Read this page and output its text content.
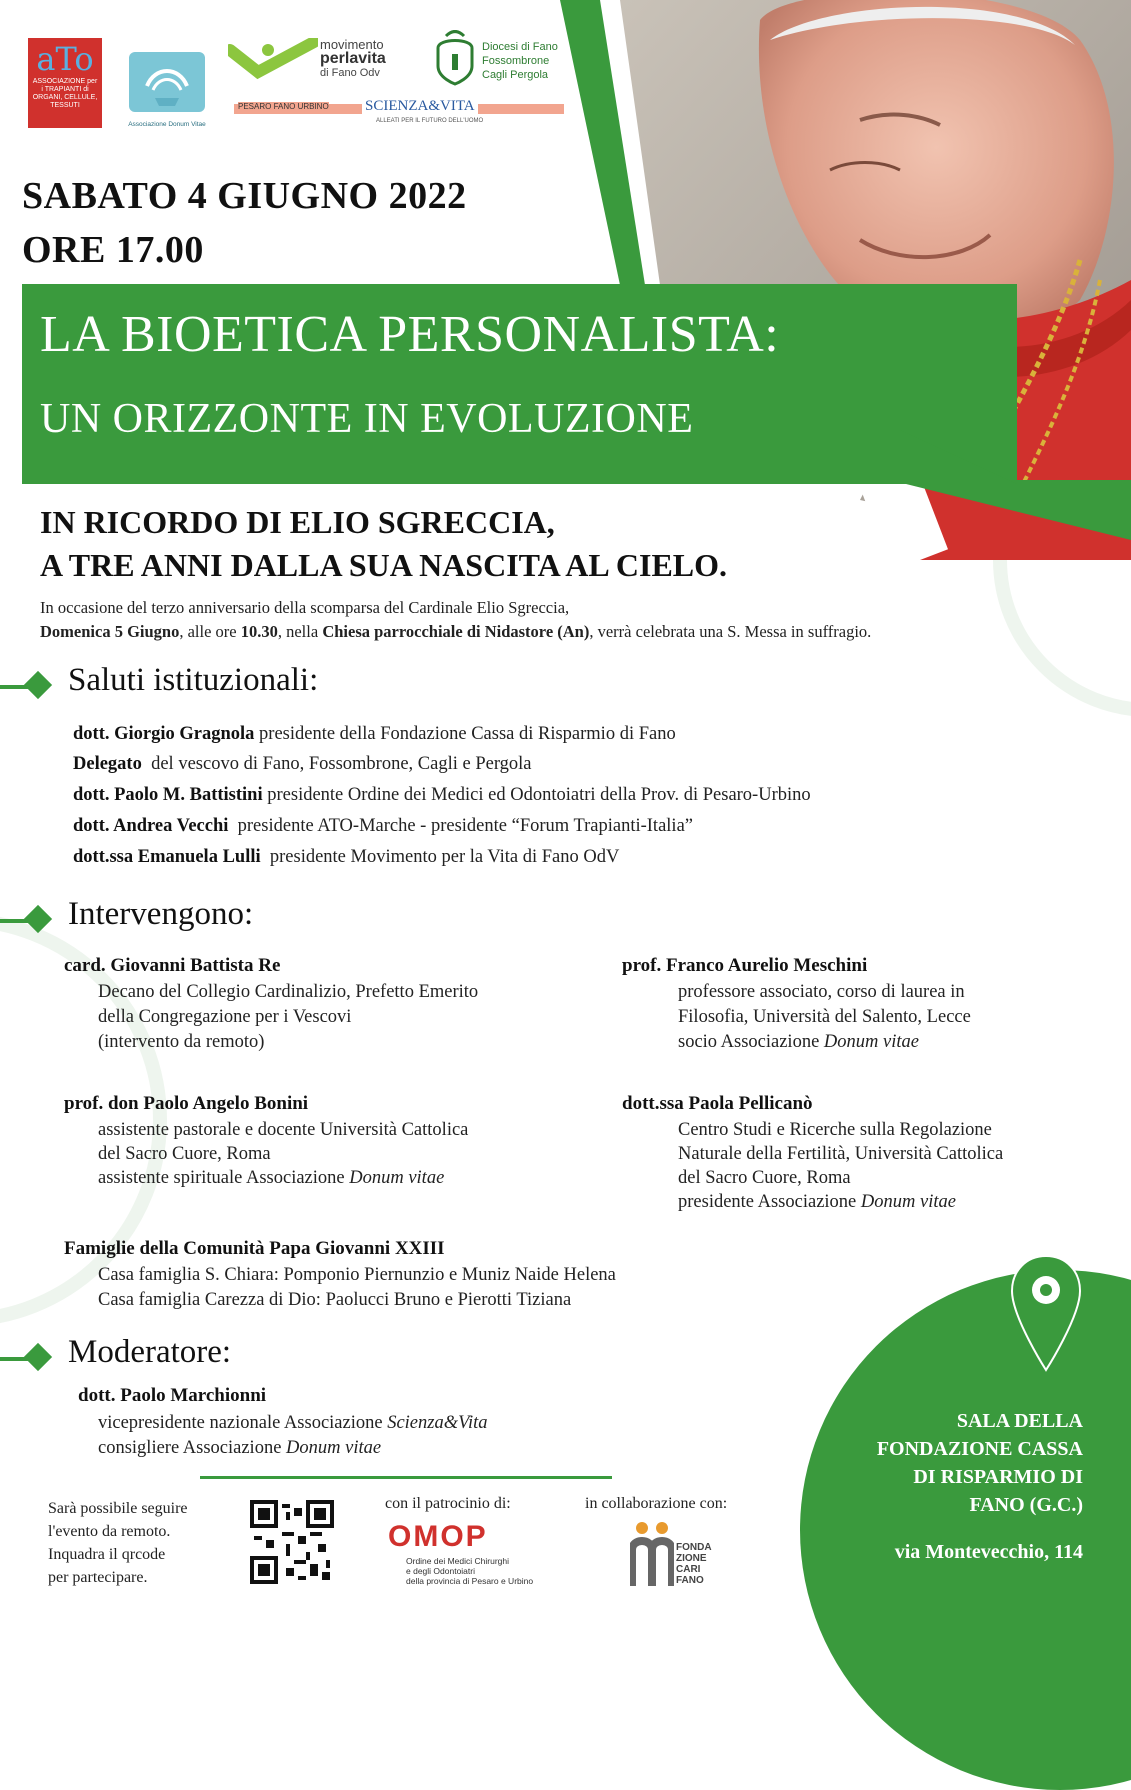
aTo
ASSOCIAZIONE per i TRAPIANTI di ORGANI, CELLULE, TESSUTI
Associazione Donum Vitae
movimento
perlavita
di Fano Odv
Diocesi di Fano
Fossombrone
Cagli Pergola
PESARO FANO URBINO SCIENZA&VITA
ALLEATI PER IL FUTURO DELL'UOMO
SABATO 4 GIUGNO 2022
ORE 17.00
LA BIOETICA PERSONALISTA:
UN ORIZZONTE IN EVOLUZIONE
IN RICORDO DI ELIO SGRECCIA,
A TRE ANNI DALLA SUA NASCITA AL CIELO.
In occasione del terzo anniversario della scomparsa del Cardinale Elio Sgreccia,
Domenica 5 Giugno, alle ore 10.30, nella Chiesa parrocchiale di Nidastore (An), verrà celebrata una S. Messa in suffragio.
Saluti istituzionali:
dott. Giorgio Gragnola presidente della Fondazione Cassa di Risparmio di Fano
Delegato del vescovo di Fano, Fossombrone, Cagli e Pergola
dott. Paolo M. Battistini presidente Ordine dei Medici ed Odontoiatri della Prov. di Pesaro-Urbino
dott. Andrea Vecchi presidente ATO-Marche - presidente “Forum Trapianti-Italia”
dott.ssa Emanuela Lulli presidente Movimento per la Vita di Fano OdV
Intervengono:
card. Giovanni Battista Re
Decano del Collegio Cardinalizio, Prefetto Emerito
della Congregazione per i Vescovi
(intervento da remoto)
prof. Franco Aurelio Meschini
professore associato, corso di laurea in
Filosofia, Università del Salento, Lecce
socio Associazione Donum vitae
prof. don Paolo Angelo Bonini
assistente pastorale e docente Università Cattolica
del Sacro Cuore, Roma
assistente spirituale Associazione Donum vitae
dott.ssa Paola Pellicanò
Centro Studi e Ricerche sulla Regolazione
Naturale della Fertilità, Università Cattolica
del Sacro Cuore, Roma
presidente Associazione Donum vitae
Famiglie della Comunità Papa Giovanni XXIII
Casa famiglia S. Chiara: Pomponio Piernunzio e Muniz Naide Helena
Casa famiglia Carezza di Dio: Paolucci Bruno e Pierotti Tiziana
Moderatore:
dott. Paolo Marchionni
vicepresidente nazionale Associazione Scienza&Vita
consigliere Associazione Donum vitae
Sarà possibile seguire
l'evento da remoto.
Inquadra il qrcode
per partecipare.
con il patrocinio di:
OMOP
Ordine dei Medici Chirurghi
e degli Odontoiatri
della provincia di Pesaro e Urbino
in collaborazione con:
FONDA
ZIONE
CARI
FANO
SALA DELLA
FONDAZIONE CASSA
DI RISPARMIO DI
FANO (G.C.)
via Montevecchio, 114
